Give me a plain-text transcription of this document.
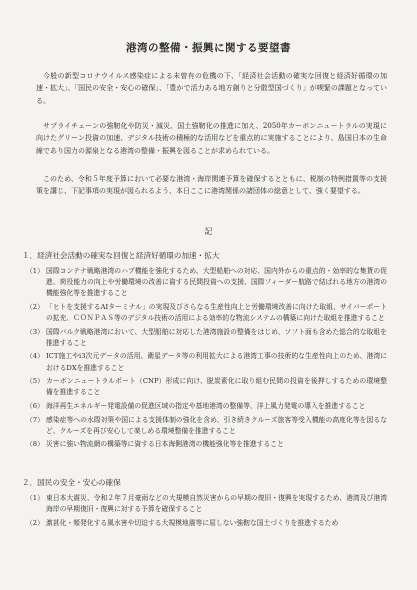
港湾の整備・振興に関する要望書
今般の新型コロナウイルス感染症による未曾有の危機の下、「経済社会活動の確実な回復と経済好循環の加速・拡大」、「国民の安全・安心の確保」、「豊かで活力ある地方創りと分散型国づくり」が喫緊の課題となっている。
サプライチェーンの強靭化や防災・減災、国土強靭化の推進に加え、2050年カーボンニュートラルの実現に向けたグリーン投資の加速、デジタル技術の積極的な活用などを重点的に実施することにより、島国日本の生命線であり国力の源泉となる港湾の整備・振興を図ることが求められている。
このため、令和５年度予算において必要な港湾・海岸関連予算を確保するとともに、税制の特例措置等の支援策を講じ、下記事項の実現が図られるよう、本日ここに港湾関係の諸団体の総意として、強く要望する。
記
１．経済社会活動の確実な回復と経済好循環の加速・拡大
（1） 国際コンテナ戦略港湾のハブ機能を強化するため、大型船舶への対応、国内外からの重点的・効率的な集貨の促進、荷役能力の向上や労働環境の改善に資する民間投資への支援、国際フィーダー航路で結ばれる地方の港湾の機能強化等を推進すること
（2） 「ヒトを支援するAIターミナル」の実現及びさらなる生産性向上と労働環境改善に向けた取組、サイバーポートの拡充、ＣＯＮＰＡＳ等のデジタル技術の活用による効率的な物流システムの構築に向けた取組を推進すること
（3） 国際バルク戦略港湾において、大型船舶に対応した港湾施設の整備をはじめ、ソフト面も含めた総合的な取組を推進すること
（4） ICT施工やi3次元データの活用、衛星データ等の利用拡大による港湾工事の技術的な生産性向上のため、港湾におけるDXを推進すること
（5） カーボンニュートラルポート（CNP）形成に向け、脱炭素化に取り組む民間の投資を後押しするための環境整備を推進すること
（6） 海洋再生エネルギー発電設備の促進区域の指定や基地港湾の整備等、洋上風力発電の導入を推進すること
（7） 感染症等への水際対策や国による支援体制の強化を含め、引き続きクルーズ旅客等受入機能の高度化等を図るなど、クルーズを再び安心して楽しめる環境整備を推進すること
（8） 災害に強い物流網の構築等に資する日本海側港湾の機能強化等を推進すること
２．国民の安全・安心の確保
（1） 東日本大震災、令和２年７月豪雨などの大規模自然災害からの早期の復旧・復興を実現するため、港湾及び港湾海岸の早期復旧・復興に対する予算を確保すること
（2） 激甚化・頻発化する風水害や切迫する大規模地震等に屈しない強靭な国土づくりを推進するため
